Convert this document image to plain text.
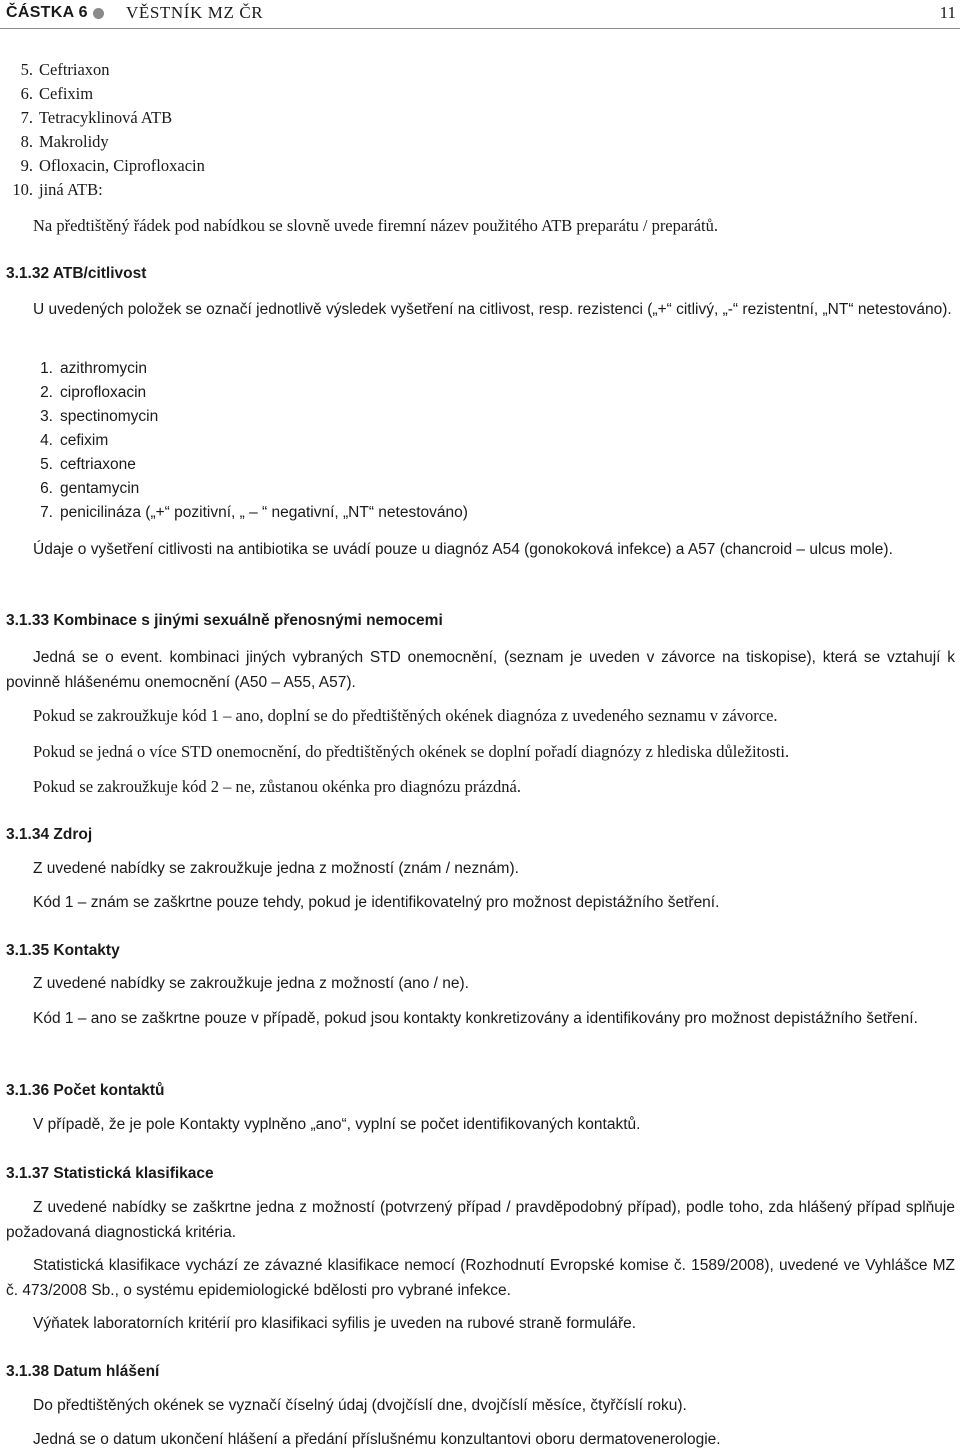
ČÁSTKA 6 VĚSTNÍK MZ ČR	11
5. Ceftriaxon
6. Cefixim
7. Tetracyklinová ATB
8. Makrolidy
9. Ofloxacin, Ciprofloxacin
10. jiná ATB:
Na předtištěný řádek pod nabídkou se slovně uvede firemní název použitého ATB preparátu / preparátů.
3.1.32 ATB/citlivost
U uvedených položek se označí jednotlivě výsledek vyšetření na citlivost, resp. rezistenci („+“ citlivý, „-“ rezistentní, „NT“ netestováno).
1. azithromycin
2. ciprofloxacin
3. spectinomycin
4. cefixim
5. ceftriaxone
6. gentamycin
7. penicilináza („+“ pozitivní, „ – “ negativní, „NT“ netestováno)
Údaje o vyšetření citlivosti na antibiotika se uvádí pouze u diagnóz A54 (gonokoková infekce) a A57 (chancroid – ulcus mole).
3.1.33 Kombinace s jinými sexuálně přenosnými nemocemi
Jedná se o event. kombinaci jiných vybraných STD onemocnění, (seznam je uveden v závorce na tiskopise), která se vztahují k povinně hlášenému onemocnění (A50 – A55, A57).
Pokud se zakroužkuje kód 1 – ano, doplní se do předtištěných okének diagnóza z uvedeného seznamu v závorce.
Pokud se jedná o více STD onemocnění, do předtištěných okének se doplní pořadí diagnózy z hlediska důležitosti.
Pokud se zakroužkuje kód 2 – ne, zůstanou okénka pro diagnózu prázdná.
3.1.34 Zdroj
Z uvedené nabídky se zakroužkuje jedna z možností (znám / neznám).
Kód 1 – znám se zaškrtne pouze tehdy, pokud je identifikovatelný pro možnost depistážního šetření.
3.1.35 Kontakty
Z uvedené nabídky se zakroužkuje jedna z možností (ano / ne).
Kód 1 – ano se zaškrtne pouze v případě, pokud jsou kontakty konkretizovány a identifikovány pro možnost depistážního šetření.
3.1.36 Počet kontaktů
V případě, že je pole Kontakty vyplněno „ano“, vyplní se počet identifikovaných kontaktů.
3.1.37 Statistická klasifikace
Z uvedené nabídky se zaškrtne jedna z možností (potvrzený případ / pravděpodobný případ), podle toho, zda hlášený případ splňuje požadovaná diagnostická kritéria.
Statistická klasifikace vychází ze závazné klasifikace nemocí (Rozhodnutí Evropské komise č. 1589/2008), uvedené ve Vyhlášce MZ č. 473/2008 Sb., o systému epidemiologické bdělosti pro vybrané infekce.
Výňatek laboratorních kritérií pro klasifikaci syfilis je uveden na rubové straně formuláře.
3.1.38 Datum hlášení
Do předtištěných okének se vyznačí číselný údaj (dvojčíslí dne, dvojčíslí měsíce, čtyřčíslí roku).
Jedná se o datum ukončení hlášení a předání příslušnému konzultantovi oboru dermatovenerologie.
